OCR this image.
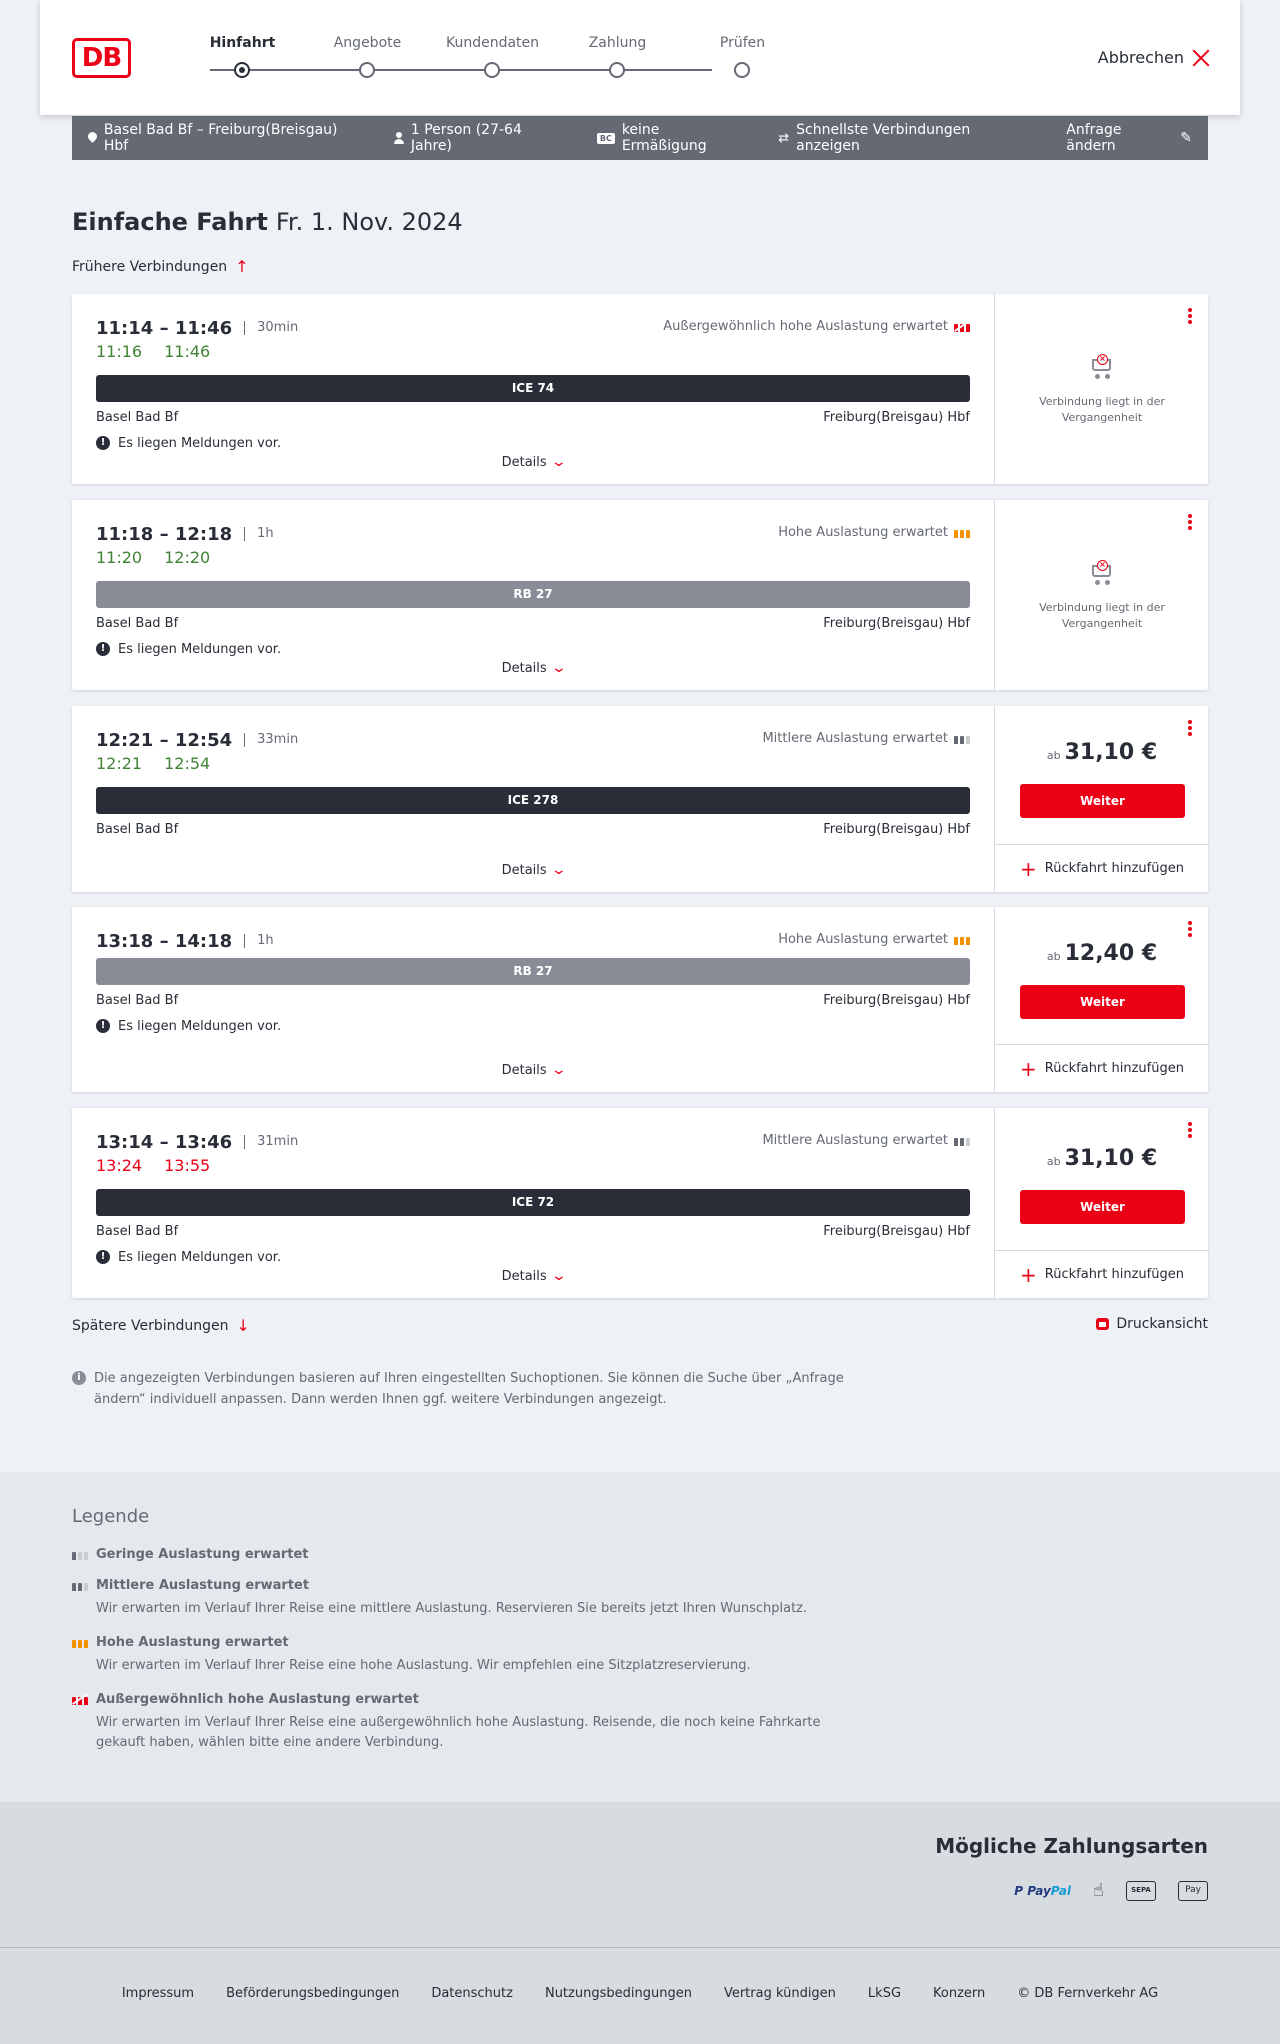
DB	Hinfahrt	Angebote	Kundendaten	Zahlung	Prüfen
Abbrechen
Basel Bad Bf – Freiburg(Breisgau) Hbf
1 Person (27-64 Jahre)	BC keine Ermäßigung	⇄ Schnellste Verbindungen anzeigen
Anfrage ändern	✎
Einfache Fahrt Fr. 1. Nov. 2024
Frühere Verbindungen ↑
11:14 – 11:46	30min	Außergewöhnlich hohe Auslastung erwartet
11:16 11:46
ICE 74
Basel Bad Bf	Freiburg(Breisgau) Hbf
! Es liegen Meldungen vor.
Details ⌄
×
Verbindung liegt in der Vergangenheit
11:18 – 12:18	1h	Hohe Auslastung erwartet
11:20 12:20
RB 27
Basel Bad Bf	Freiburg(Breisgau) Hbf
! Es liegen Meldungen vor.
Details ⌄
×
Verbindung liegt in der Vergangenheit
12:21 – 12:54	33min	Mittlere Auslastung erwartet
12:21 12:54
ICE 278
Basel Bad Bf	Freiburg(Breisgau) Hbf
Details ⌄
ab 31,10 €
Weiter
+ Rückfahrt hinzufügen
13:18 – 14:18	1h	Hohe Auslastung erwartet
RB 27
Basel Bad Bf	Freiburg(Breisgau) Hbf
! Es liegen Meldungen vor.
Details ⌄
ab 12,40 €
Weiter
+ Rückfahrt hinzufügen
13:14 – 13:46	31min	Mittlere Auslastung erwartet
13:24 13:55
ICE 72
Basel Bad Bf	Freiburg(Breisgau) Hbf
! Es liegen Meldungen vor.
Details ⌄
ab 31,10 €
Weiter
+ Rückfahrt hinzufügen
Spätere Verbindungen ↓	Druckansicht
i	Die angezeigten Verbindungen basieren auf Ihren eingestellten Suchoptionen. Sie können die Suche über „Anfrage ändern“ individuell anpassen. Dann werden Ihnen ggf. weitere Verbindungen angezeigt.
Legende
Geringe Auslastung erwartet
Mittlere Auslastung erwartet
Wir erwarten im Verlauf Ihrer Reise eine mittlere Auslastung. Reservieren Sie bereits jetzt Ihren Wunschplatz.
Hohe Auslastung erwartet
Wir erwarten im Verlauf Ihrer Reise eine hohe Auslastung. Wir empfehlen eine Sitzplatzreservierung.
Außergewöhnlich hohe Auslastung erwartet
Wir erwarten im Verlauf Ihrer Reise eine außergewöhnlich hohe Auslastung. Reisende, die noch keine Fahrkarte gekauft haben, wählen bitte eine andere Verbindung.
Mögliche Zahlungsarten
P PayPal ☝	SEPA	Pay
Impressum Beförderungsbedingungen Datenschutz Nutzungsbedingungen Vertrag kündigen LkSG Konzern © DB Fernverkehr AG
